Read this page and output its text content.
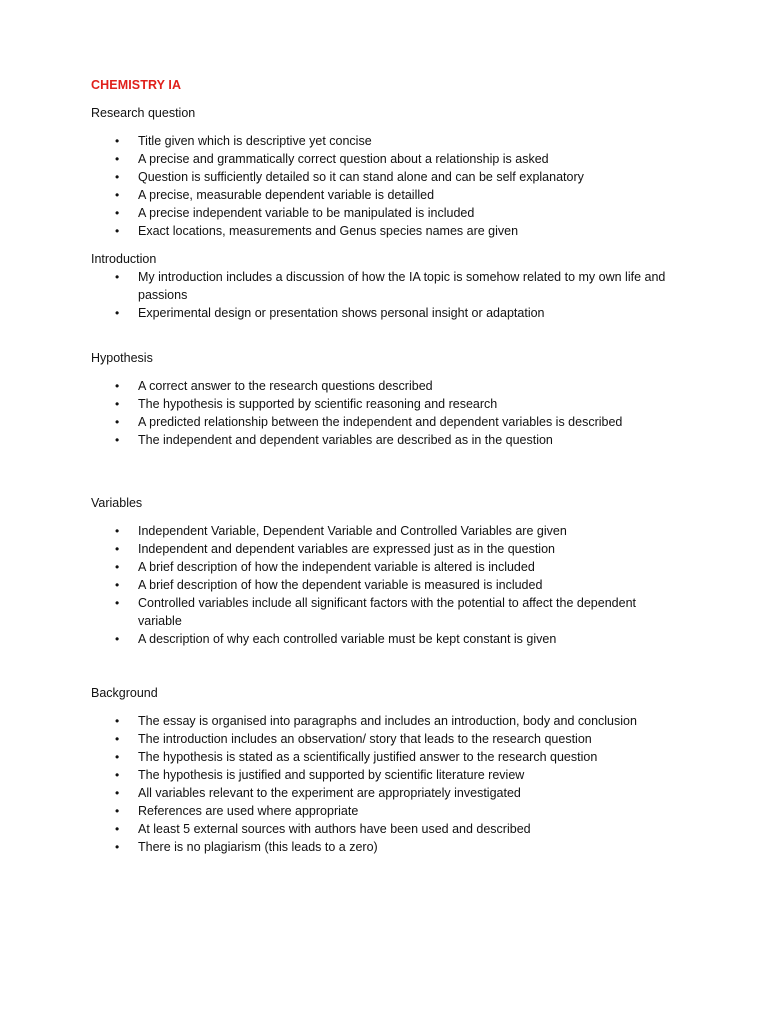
CHEMISTRY IA

Research question

• Title given which is descriptive yet concise
• A precise and grammatically correct question about a relationship is asked
• Question is sufficiently detailed so it can stand alone and can be self explanatory
• A precise, measurable dependent variable is detailled
• A precise independent variable to be manipulated is included
• Exact locations, measurements and Genus species names are given

Introduction

• My introduction includes a discussion of how the IA topic is somehow related to my own life and passions
• Experimental design or presentation shows personal insight or adaptation

Hypothesis

• A correct answer to the research questions described
• The hypothesis is supported by scientific reasoning and research
• A predicted relationship between the independent and dependent variables is described
• The independent and dependent variables are described as in the question

Variables

• Independent Variable, Dependent Variable and Controlled Variables are given
• Independent and dependent variables are expressed just as in the question
• A brief description of how the independent variable is altered is included
• A brief description of how the dependent variable is measured is included
• Controlled variables include all significant factors with the potential to affect the dependent variable
• A description of why each controlled variable must be kept constant is given

Background

• The essay is organised into paragraphs and includes an introduction, body and conclusion
• The introduction includes an observation/ story that leads to the research question
• The hypothesis is stated as a scientifically justified answer to the research question
• The hypothesis is justified and supported by scientific literature review
• All variables relevant to the experiment are appropriately investigated
• References are used where appropriate
• At least 5 external sources with authors have been used and described
• There is no plagiarism (this leads to a zero)
